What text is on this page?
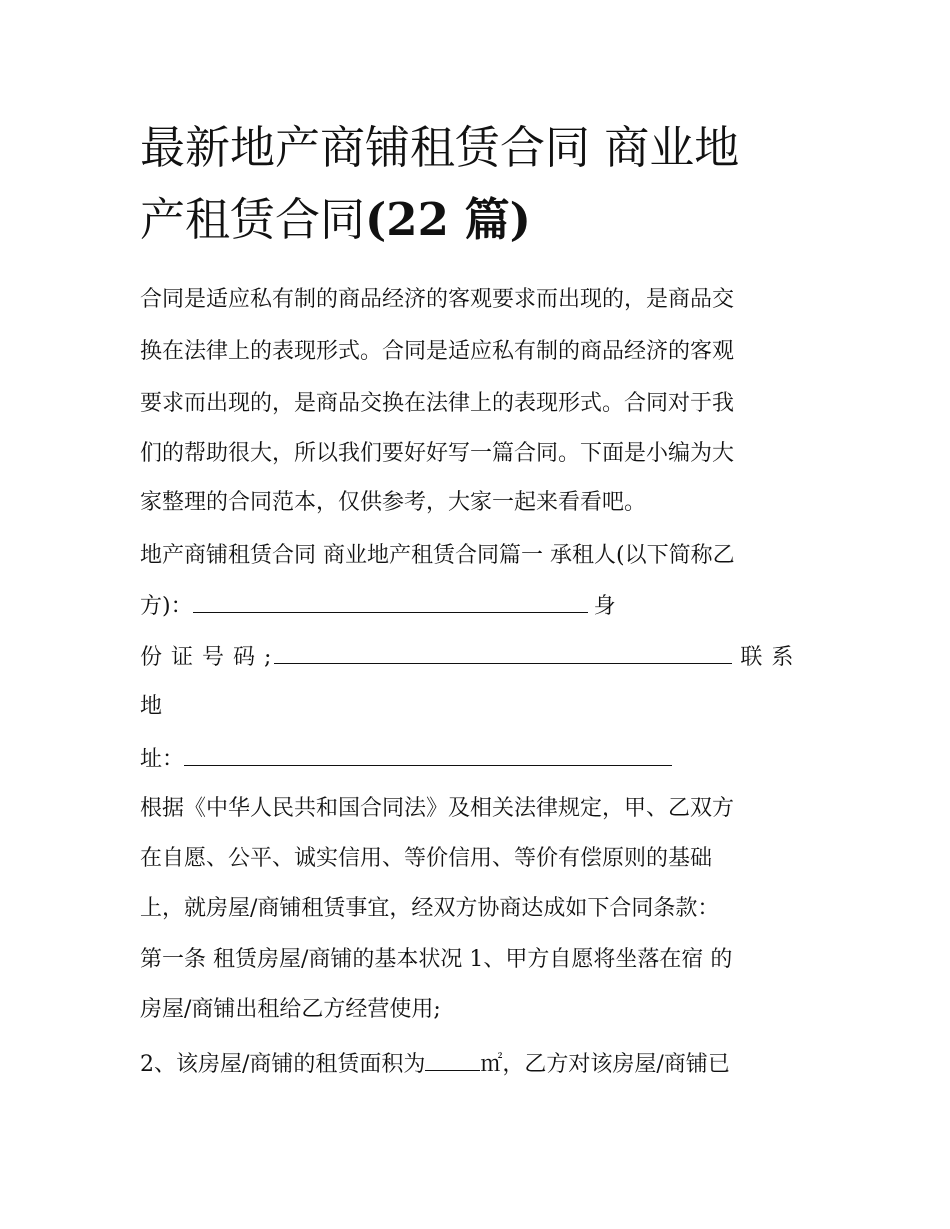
最新地产商铺租赁合同 商业地
产租赁合同(22 篇)

合同是适应私有制的商品经济的客观要求而出现的，是商品交

换在法律上的表现形式。合同是适应私有制的商品经济的客观

要求而出现的，是商品交换在法律上的表现形式。合同对于我

们的帮助很大，所以我们要好好写一篇合同。下面是小编为大

家整理的合同范本，仅供参考，大家一起来看看吧。

地产商铺租赁合同 商业地产租赁合同篇一 承租人(以下简称乙

方)：	身

份证号码;	联系

地

址：

根据《中华人民共和国合同法》及相关法律规定，甲、乙双方

在自愿、公平、诚实信用、等价信用、等价有偿原则的基础

上，就房屋/商铺租赁事宜，经双方协商达成如下合同条款：

第一条 租赁房屋/商铺的基本状况 1、甲方自愿将坐落在宿 的

房屋/商铺出租给乙方经营使用;

2、该房屋/商铺的租赁面积为	㎡，乙方对该房屋/商铺已
